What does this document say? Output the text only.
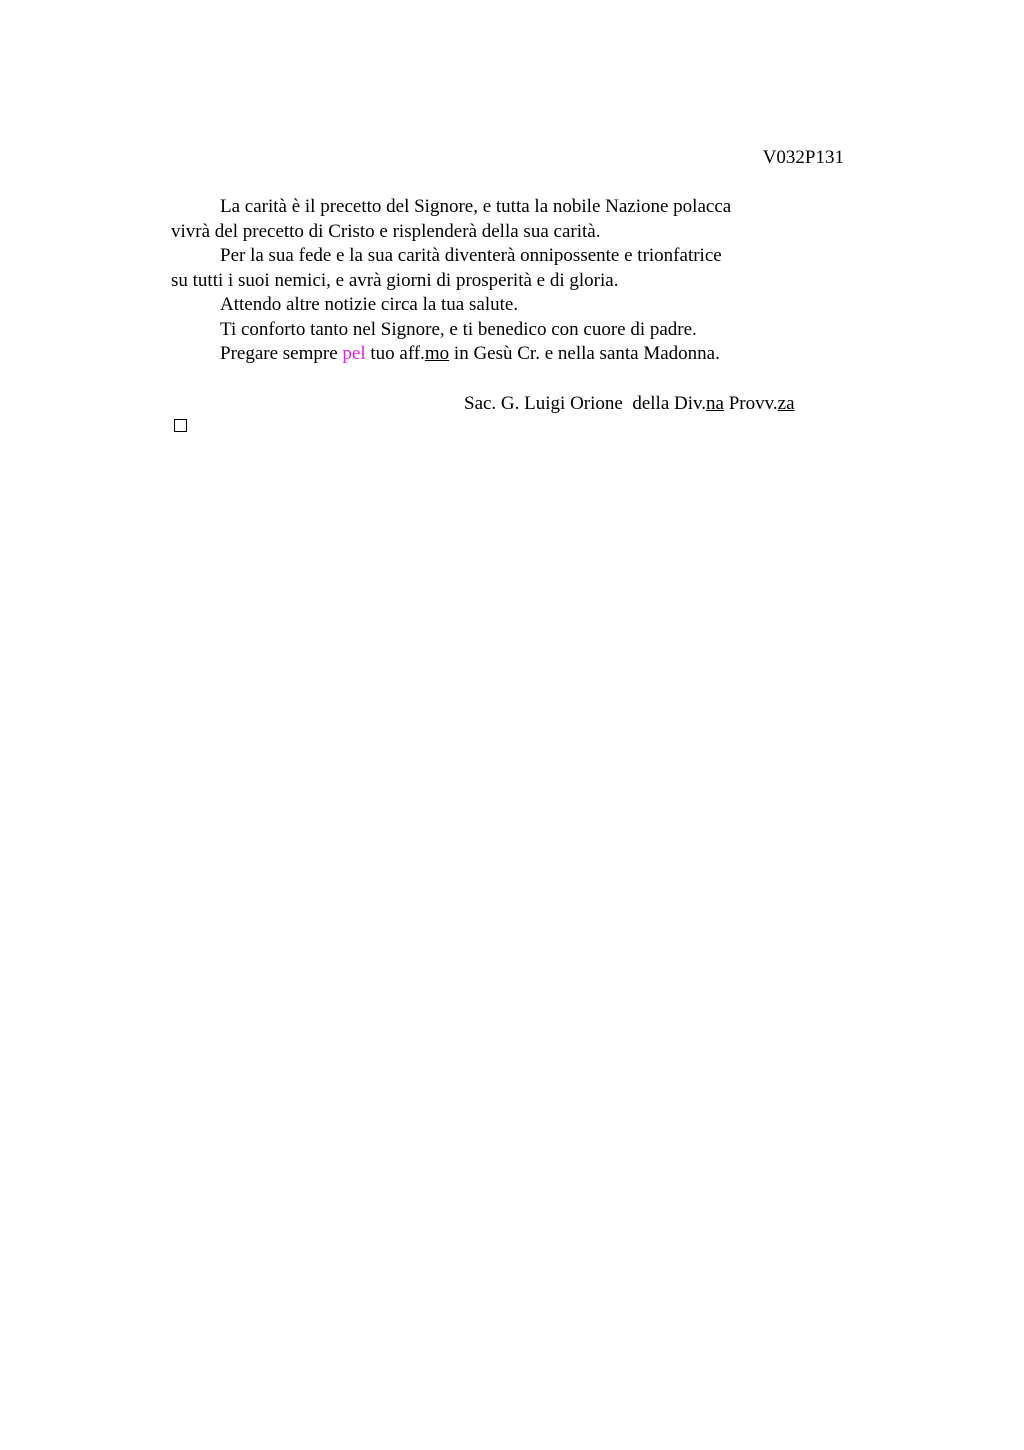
V032P131
La carità è il precetto del Signore, e tutta la nobile Nazione polacca
vivrà del precetto di Cristo e risplenderà della sua carità.
Per la sua fede e la sua carità diventerà onnipossente e trionfatrice
su tutti i suoi nemici, e avrà giorni di prosperità e di gloria.
Attendo altre notizie circa la tua salute.
Ti conforto tanto nel Signore, e ti benedico con cuore di padre.
Pregare sempre pel tuo aff.mo in Gesù Cr. e nella santa Madonna.
Sac. G. Luigi Orione  della Div.na Provv.za
